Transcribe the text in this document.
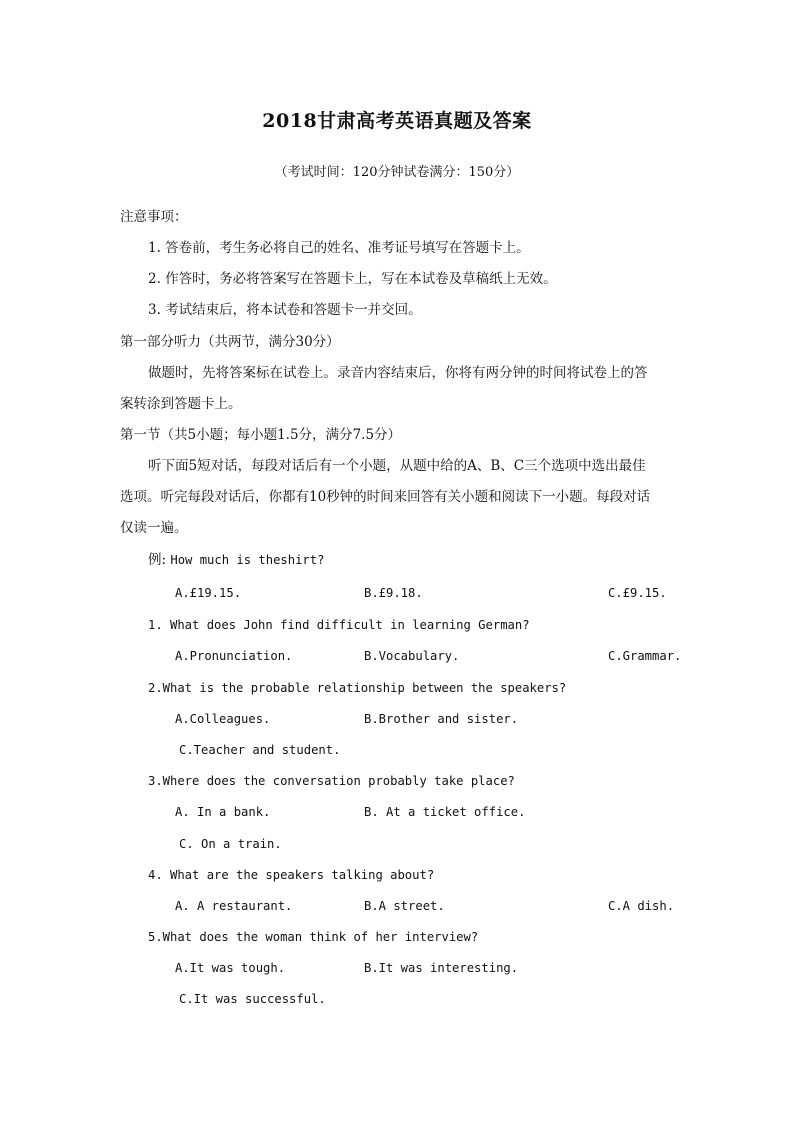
2018甘肃高考英语真题及答案
（考试时间：120分钟试卷满分：150分）
注意事项：
1. 答卷前，考生务必将自己的姓名、准考证号填写在答题卡上。
2. 作答时，务必将答案写在答题卡上，写在本试卷及草稿纸上无效。
3. 考试结束后，将本试卷和答题卡一并交回。
第一部分听力（共两节，满分30分）
做题时，先将答案标在试卷上。录音内容结束后，你将有两分钟的时间将试卷上的答
案转涂到答题卡上。
第一节（共5小题；每小题1.5分，满分7.5分）
听下面5短对话，每段对话后有一个小题，从题中给的A、B、C三个选项中选出最佳
选项。听完每段对话后，你都有10秒钟的时间来回答有关小题和阅读下一小题。每段对话
仅读一遍。
例: How much is theshirt?
A.£19.15.	B.£9.18.	C.£9.15.
1. What does John find difficult in learning German?
A.Pronunciation.	B.Vocabulary.	C.Grammar.
2.What is the probable relationship between the speakers?
A.Colleagues.	B.Brother and sister.
C.Teacher and student.
3.Where does the conversation probably take place?
A. In a bank.	B. At a ticket office.
C. On a train.
4. What are the speakers talking about?
A. A restaurant.	B.A street.	C.A dish.
5.What does the woman think of her interview?
A.It was tough.	B.It was interesting.
C.It was successful.
